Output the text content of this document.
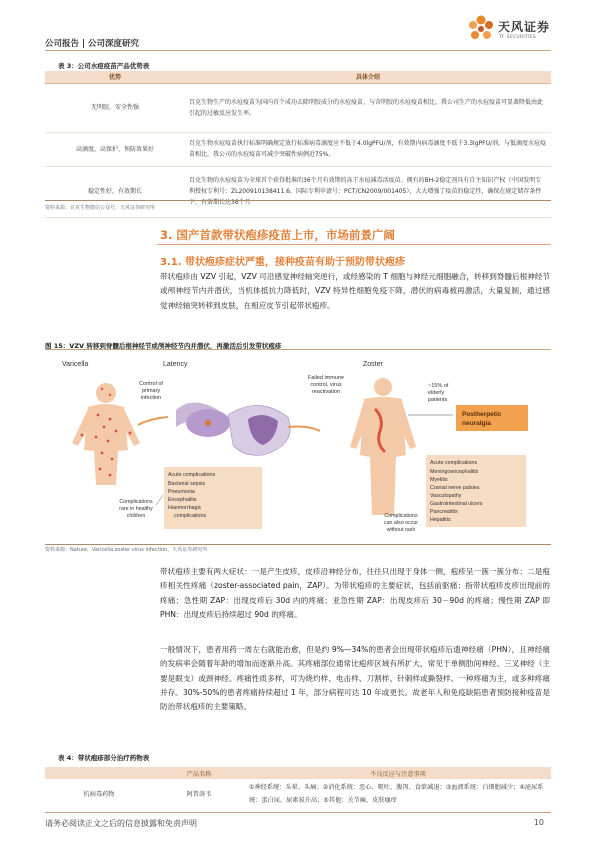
公司报告 | 公司深度研究
天风证券
TF SECURITIES
表 3：公司水痘疫苗产品优势表
优势	具体介绍
无明胶，安全性强	百克生物生产的水痘疫苗为国内首个成功去除明胶成分的水痘疫苗，与含明胶的水痘疫苗相比，我公司生产的水痘疫苗可显著降低由此引起的过敏反应发生率。
高滴度，高保护，预防效果好	百克生物水痘疫苗执行标准明确规定放行标准病毒滴度应不低于4.0lgPFU/剂，有效期内病毒滴度不低于3.3lgPFU/剂。与低滴度水痘疫苗相比，我公司的水痘疫苗可减少突破性病例近75%。
稳定性好，有效期长	百克生物的水痘疫苗为全球首个获得批准的36个月有效期的冻干水痘减毒活疫苗。拥有的BH-2稳定剂具有自主知识产权（中国发明专利授权专利号：ZL200910138411.6，国际专利申请号：PCT/CN2009/001405），大大增强了疫苗的稳定性，确保在规定储存条件下，有效期长达36个月
资料来源：百克生物微信公众号，天风证券研究所
3. 国产首款带状疱疹疫苗上市，市场前景广阔
3.1. 带状疱疹症状严重，接种疫苗有助于预防带状疱疹
带状疱疹由 VZV 引起，VZV 可沿感觉神经轴突逆行，或经感染的 T 细胞与神经元细胞融合，转移到脊髓后根神经节或颅神经节内并潜伏，当机体抵抗力降低时，VZV 特异性细胞免疫下降，潜伏的病毒被再激活，大量复制，通过感觉神经轴突转移到皮肤，在相应皮节引起带状疱疹。
图 15：VZV 转移到脊髓后根神经节或颅神经节内并潜伏，再激活后引发带状疱疹
Varicella	Latency	Zoster
Control of
primary
infection
Failed immune
control, virus
reactivation
~15% of
elderly
patients
Postherpetic
neuralgia
Acute complications
Bacterial sepsis
Pneumonia
Encephalitis
Haemorrhagic
complications
Complications
rare in healthy
children
Acute complications
Meningoencephalitis
Myelitis
Cranial nerve palsies
Vasculopathy
Gastrointestinal ulcers
Pancreatitis
Hepatitis
Complications
can also occur
without rash
资料来源：Nature，Varicella zoster virus infection，天风证券研究所
带状疱疹主要有两大症状：一是产生皮疹，皮疹沿神经分布，往往只出现于身体一侧，疱疹呈一簇一簇分布；二是疱疹相关性疼痛（zoster-associated pain，ZAP）。为带状疱疹的主要症状，包括前驱痛；指带状疱疹皮疹出现前的疼痛；急性期 ZAP：出现皮疹后 30d 内的疼痛；亚急性期 ZAP：出现皮疹后 30－90d 的疼痛；慢性期 ZAP 即 PHN：出现皮疹后持续超过 90d 的疼痛。
一般情况下，患者用药一周左右就能治愈，但是约 9%—34%的患者会出现带状疱疹后遗神经痛（PHN），且神经痛的发病率会随着年龄的增加而逐渐升高。其疼痛部位通常比疱疹区域有所扩大，常见于单侧肋间神经、三叉神经（主要是眼支）或颈神经。疼痛性质多样，可为烧灼样、电击样、刀割样、针刺样或撕裂样。一种疼痛为主，或多种疼痛并存。30%-50%的患者疼痛持续超过 1 年，部分病程可达 10 年或更长。故老年人和免疫缺陷患者预防接种疫苗是防治带状疱疹的主要策略。
表 4：带状疱疹部分治疗药物表
	产品名称	不良反应与注意事项
抗病毒药物	阿昔洛韦	①神经系统：头晕、头痛；②消化系统：恶心、呕吐、腹泻、食欲减退；③血液系统：白细胞减少；④泌尿系统：蛋白尿、尿素氮升高；⑤其他：关节痛、皮肤瘙痒
请务必阅读正文之后的信息披露和免责声明	10
